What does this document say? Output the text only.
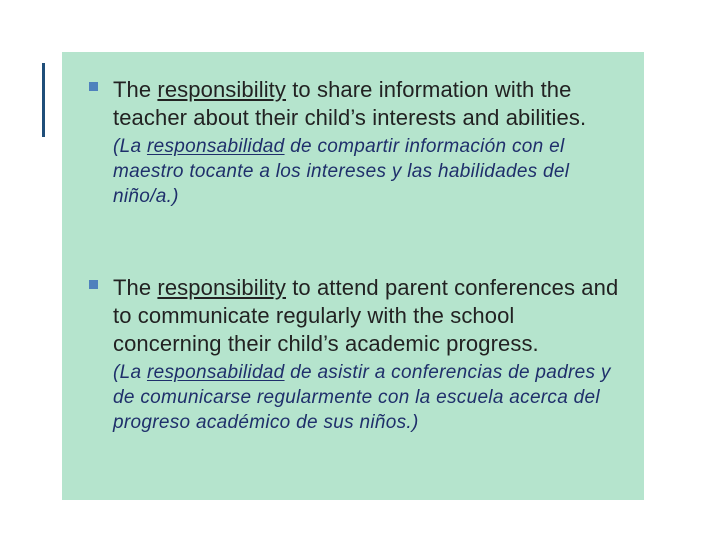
The responsibility to share information with the teacher about their child’s interests and abilities.

(La responsabilidad de compartir información con el maestro tocante a los intereses y las habilidades del niño/a.)

The responsibility to attend parent conferences and to communicate regularly with the school concerning their child’s academic progress.

(La responsabilidad de asistir a conferencias de padres y de comunicarse regularmente con la escuela acerca del progreso académico de sus niños.)
